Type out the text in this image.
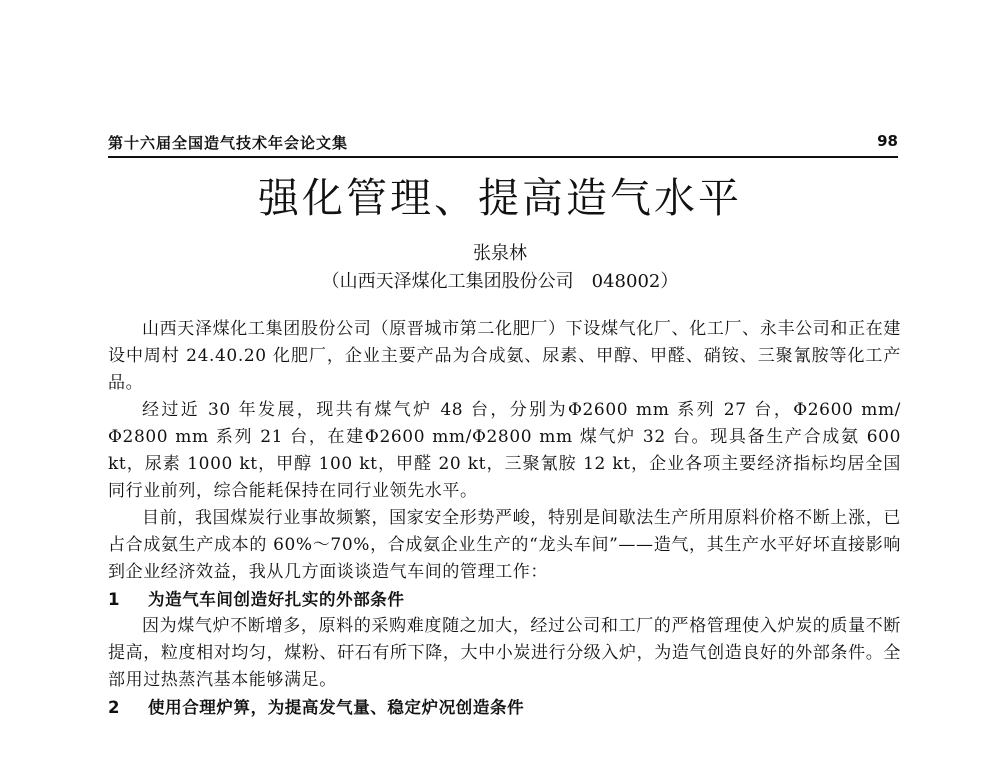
第十六届全国造气技术年会论文集	98
强化管理、提高造气水平
张泉林
（山西天泽煤化工集团股份公司　048002）

山西天泽煤化工集团股份公司（原晋城市第二化肥厂）下设煤气化厂、化工厂、永丰公司和正在建设中周村 24.40.20 化肥厂，企业主要产品为合成氨、尿素、甲醇、甲醛、硝铵、三聚氰胺等化工产品。

经过近 30 年发展，现共有煤气炉 48 台，分别为Φ2600 mm 系列 27 台，Φ2600 mm/Φ2800 mm 系列 21 台，在建Φ2600 mm/Φ2800 mm 煤气炉 32 台。现具备生产合成氨 600 kt，尿素 1000 kt，甲醇 100 kt，甲醛 20 kt，三聚氰胺 12 kt，企业各项主要经济指标均居全国同行业前列，综合能耗保持在同行业领先水平。

目前，我国煤炭行业事故频繁，国家安全形势严峻，特别是间歇法生产所用原料价格不断上涨，已占合成氨生产成本的 60%～70%，合成氨企业生产的“龙头车间”——造气，其生产水平好坏直接影响到企业经济效益，我从几方面谈谈造气车间的管理工作：

1 为造气车间创造好扎实的外部条件

因为煤气炉不断增多，原料的采购难度随之加大，经过公司和工厂的严格管理使入炉炭的质量不断提高，粒度相对均匀，煤粉、矸石有所下降，大中小炭进行分级入炉，为造气创造良好的外部条件。全部用过热蒸汽基本能够满足。

2 使用合理炉箅，为提高发气量、稳定炉况创造条件
